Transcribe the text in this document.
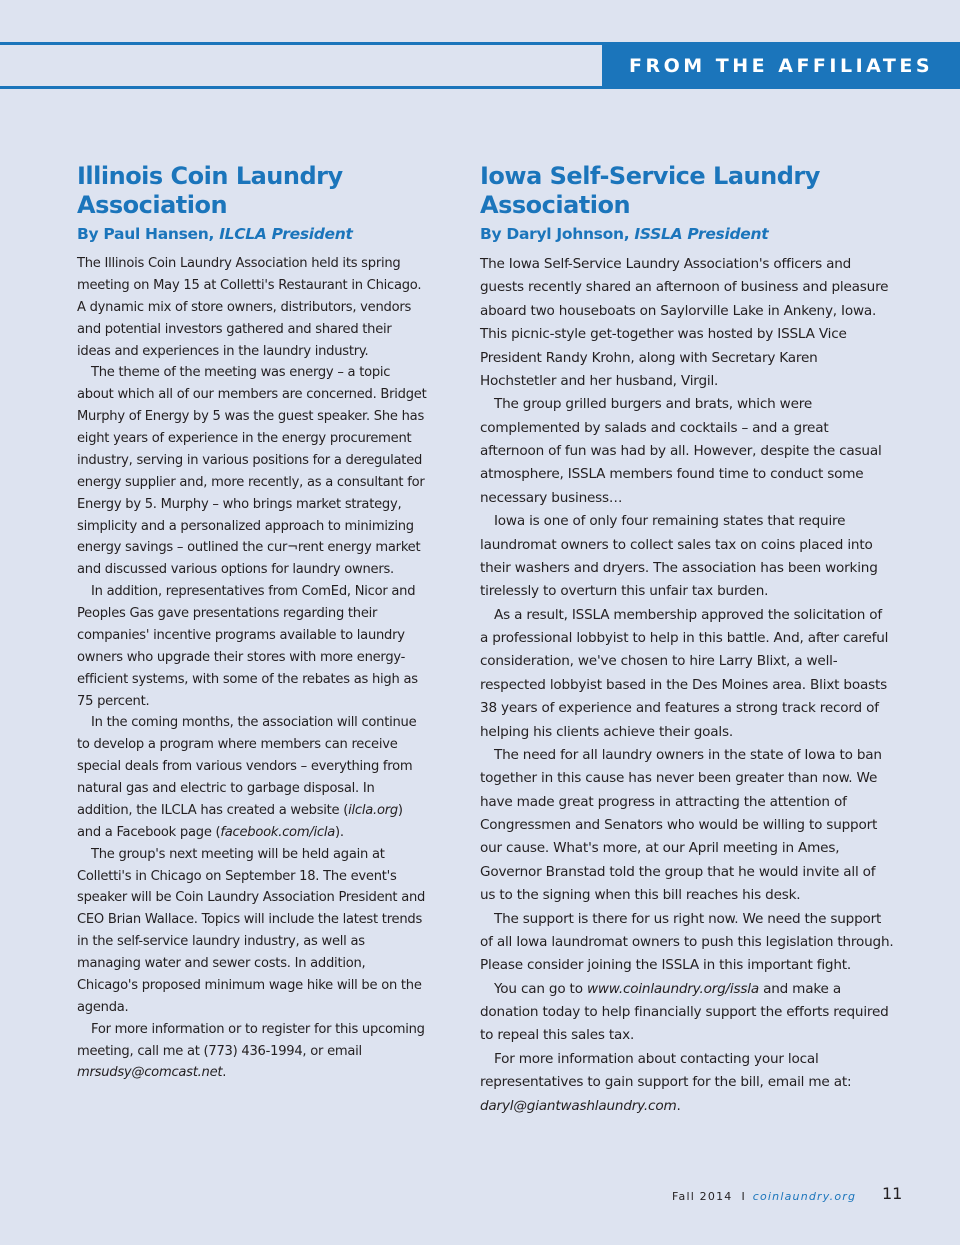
FROM THE AFFILIATES
Illinois Coin Laundry Association
By Paul Hansen, ILCLA President

The Illinois Coin Laundry Association held its spring meeting on May 15 at Colletti's Restaurant in Chicago. A dynamic mix of store owners, distributors, vendors and potential investors gathered and shared their ideas and experiences in the laundry industry.

The theme of the meeting was energy – a topic about which all of our members are concerned. Bridget Murphy of Energy by 5 was the guest speaker. She has eight years of experience in the energy procurement industry, serving in various positions for a deregulated energy supplier and, more recently, as a consultant for Energy by 5. Murphy – who brings market strategy, simplicity and a personalized approach to minimizing energy savings – outlined the cur¬rent energy market and discussed various options for laundry owners.

In addition, representatives from ComEd, Nicor and Peoples Gas gave presentations regarding their companies' incentive programs available to laundry owners who upgrade their stores with more energy-efficient systems, with some of the rebates as high as 75 percent.

In the coming months, the association will continue to develop a program where members can receive special deals from various vendors – everything from natural gas and electric to garbage disposal. In addition, the ILCLA has created a website (ilcla.org) and a Facebook page (facebook.com/icla).

The group's next meeting will be held again at Colletti's in Chicago on September 18. The event's speaker will be Coin Laundry Association President and CEO Brian Wallace. Topics will include the latest trends in the self-service laundry industry, as well as managing water and sewer costs. In addition, Chicago's proposed minimum wage hike will be on the agenda.

For more information or to register for this upcoming meeting, call me at (773) 436-1994, or email mrsudsy@comcast.net.

Iowa Self-Service Laundry Association
By Daryl Johnson, ISSLA President

The Iowa Self-Service Laundry Association's officers and guests recently shared an afternoon of business and pleasure aboard two houseboats on Saylorville Lake in Ankeny, Iowa. This picnic-style get-together was hosted by ISSLA Vice President Randy Krohn, along with Secretary Karen Hochstetler and her husband, Virgil.

The group grilled burgers and brats, which were complemented by salads and cocktails – and a great afternoon of fun was had by all. However, despite the casual atmosphere, ISSLA members found time to conduct some necessary business…

Iowa is one of only four remaining states that require laundromat owners to collect sales tax on coins placed into their washers and dryers. The association has been working tirelessly to overturn this unfair tax burden.

As a result, ISSLA membership approved the solicitation of a professional lobbyist to help in this battle. And, after careful consideration, we've chosen to hire Larry Blixt, a well-respected lobbyist based in the Des Moines area. Blixt boasts 38 years of experience and features a strong track record of helping his clients achieve their goals.

The need for all laundry owners in the state of Iowa to ban together in this cause has never been greater than now. We have made great progress in attracting the attention of Congressmen and Senators who would be willing to support our cause. What's more, at our April meeting in Ames, Governor Branstad told the group that he would invite all of us to the signing when this bill reaches his desk.

The support is there for us right now. We need the support of all Iowa laundromat owners to push this legislation through. Please consider joining the ISSLA in this important fight.

You can go to www.coinlaundry.org/issla and make a donation today to help financially support the efforts required to repeal this sales tax.

For more information about contacting your local representatives to gain support for the bill, email me at: daryl@giantwashlaundry.com.

Fall 2014 I coinlaundry.org 11
